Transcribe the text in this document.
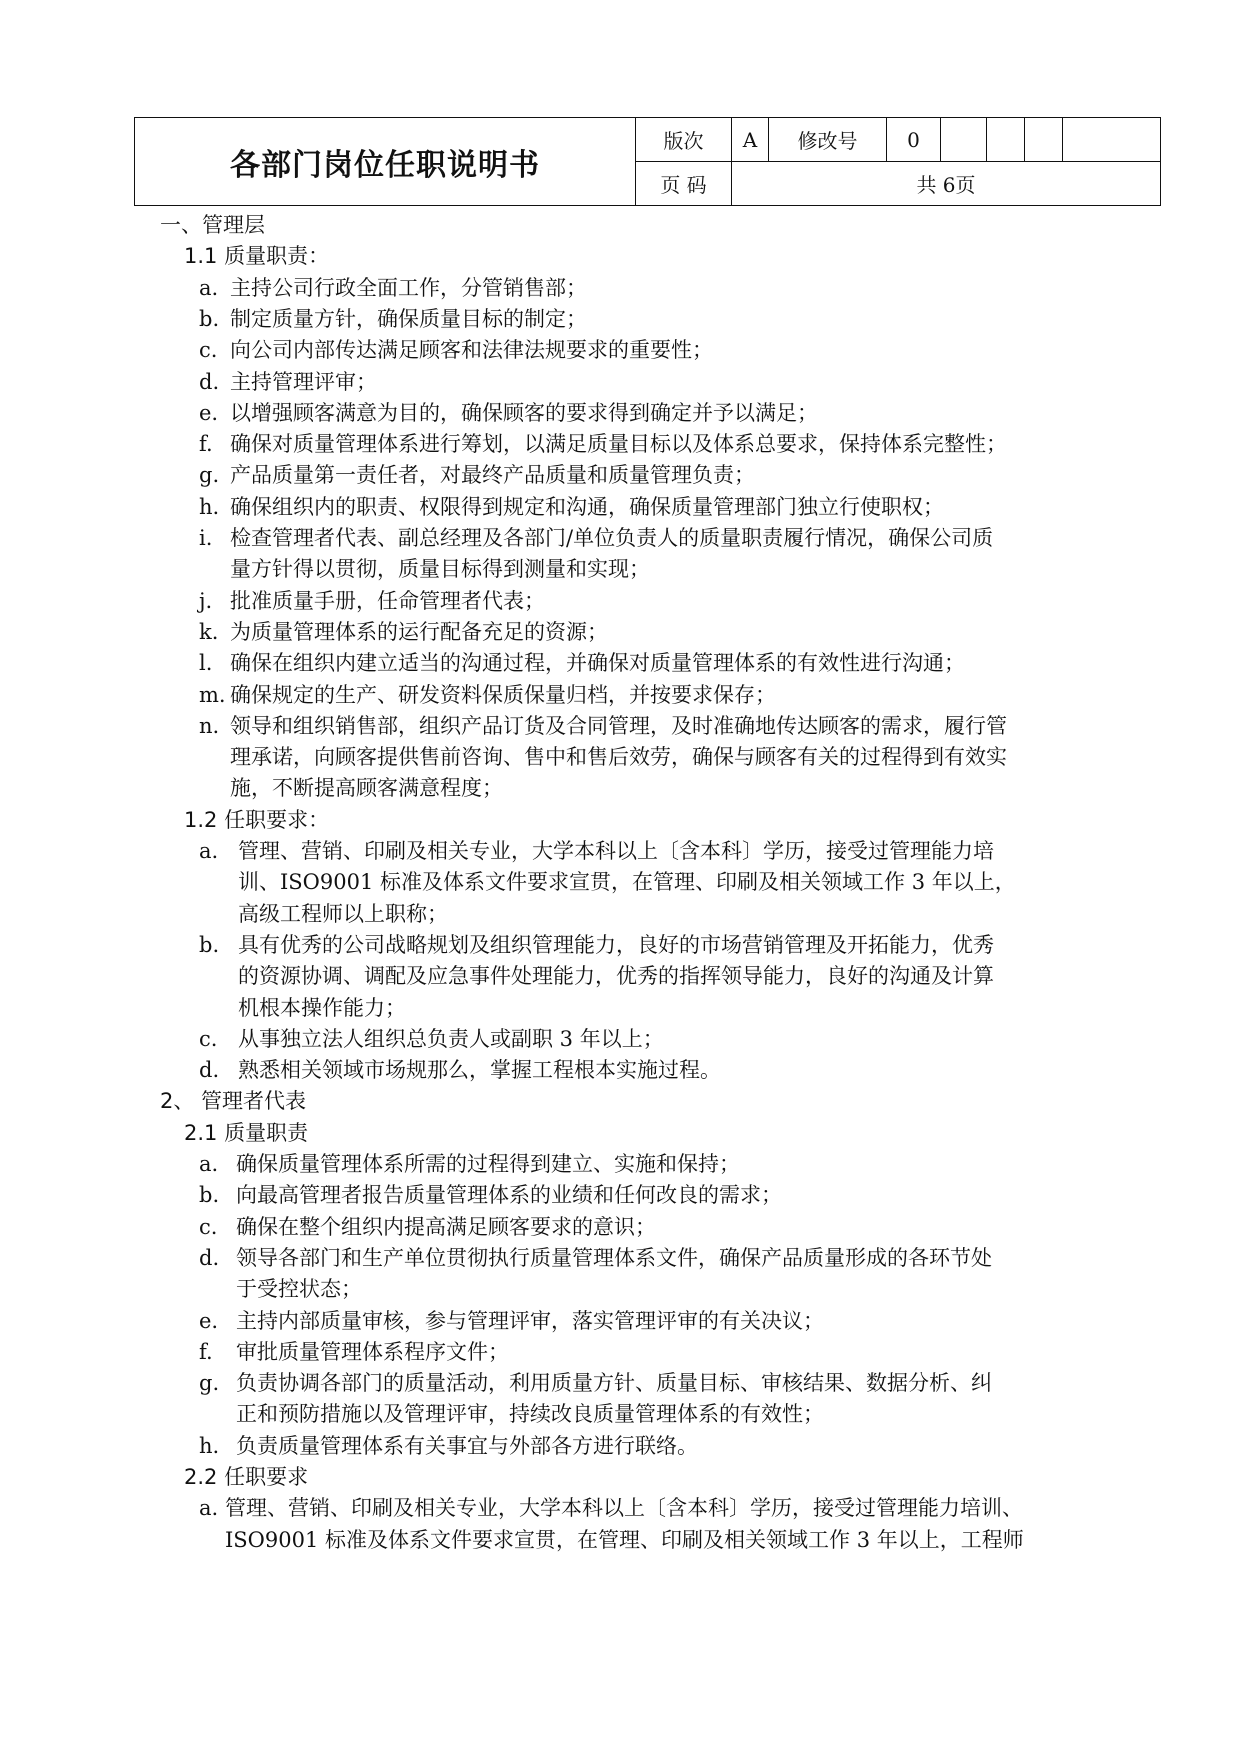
各部门岗位任职说明书	版次	A	修改号	0				
	页 码	共 6页						
一、管理层
1.1 质量职责：
a. 主持公司行政全面工作，分管销售部；
b. 制定质量方针，确保质量目标的制定；
c. 向公司内部传达满足顾客和法律法规要求的重要性；
d. 主持管理评审；
e. 以增强顾客满意为目的，确保顾客的要求得到确定并予以满足；
f. 确保对质量管理体系进行筹划，以满足质量目标以及体系总要求，保持体系完整性；
g. 产品质量第一责任者，对最终产品质量和质量管理负责；
h. 确保组织内的职责、权限得到规定和沟通，确保质量管理部门独立行使职权；
i. 检查管理者代表、副总经理及各部门/单位负责人的质量职责履行情况，确保公司质
量方针得以贯彻，质量目标得到测量和实现；
j. 批准质量手册，任命管理者代表；
k. 为质量管理体系的运行配备充足的资源；
l. 确保在组织内建立适当的沟通过程，并确保对质量管理体系的有效性进行沟通；
m. 确保规定的生产、研发资料保质保量归档，并按要求保存；
n. 领导和组织销售部，组织产品订货及合同管理，及时准确地传达顾客的需求，履行管
理承诺，向顾客提供售前咨询、售中和售后效劳，确保与顾客有关的过程得到有效实
施，不断提高顾客满意程度；
1.2 任职要求：
a. 管理、营销、印刷及相关专业，大学本科以上〔含本科〕学历，接受过管理能力培
训、ISO9001 标准及体系文件要求宣贯，在管理、印刷及相关领域工作 3 年以上，
高级工程师以上职称；
b. 具有优秀的公司战略规划及组织管理能力，良好的市场营销管理及开拓能力，优秀
的资源协调、调配及应急事件处理能力，优秀的指挥领导能力，良好的沟通及计算
机根本操作能力；
c. 从事独立法人组织总负责人或副职 3 年以上；
d. 熟悉相关领域市场规那么，掌握工程根本实施过程。
2、 管理者代表
2.1 质量职责
a. 确保质量管理体系所需的过程得到建立、实施和保持；
b. 向最高管理者报告质量管理体系的业绩和任何改良的需求；
c. 确保在整个组织内提高满足顾客要求的意识；
d. 领导各部门和生产单位贯彻执行质量管理体系文件，确保产品质量形成的各环节处
于受控状态；
e. 主持内部质量审核，参与管理评审，落实管理评审的有关决议；
f. 审批质量管理体系程序文件；
g. 负责协调各部门的质量活动，利用质量方针、质量目标、审核结果、数据分析、纠
正和预防措施以及管理评审，持续改良质量管理体系的有效性；
h. 负责质量管理体系有关事宜与外部各方进行联络。
2.2 任职要求
a. 管理、营销、印刷及相关专业，大学本科以上〔含本科〕学历，接受过管理能力培训、
ISO9001 标准及体系文件要求宣贯，在管理、印刷及相关领域工作 3 年以上，工程师
